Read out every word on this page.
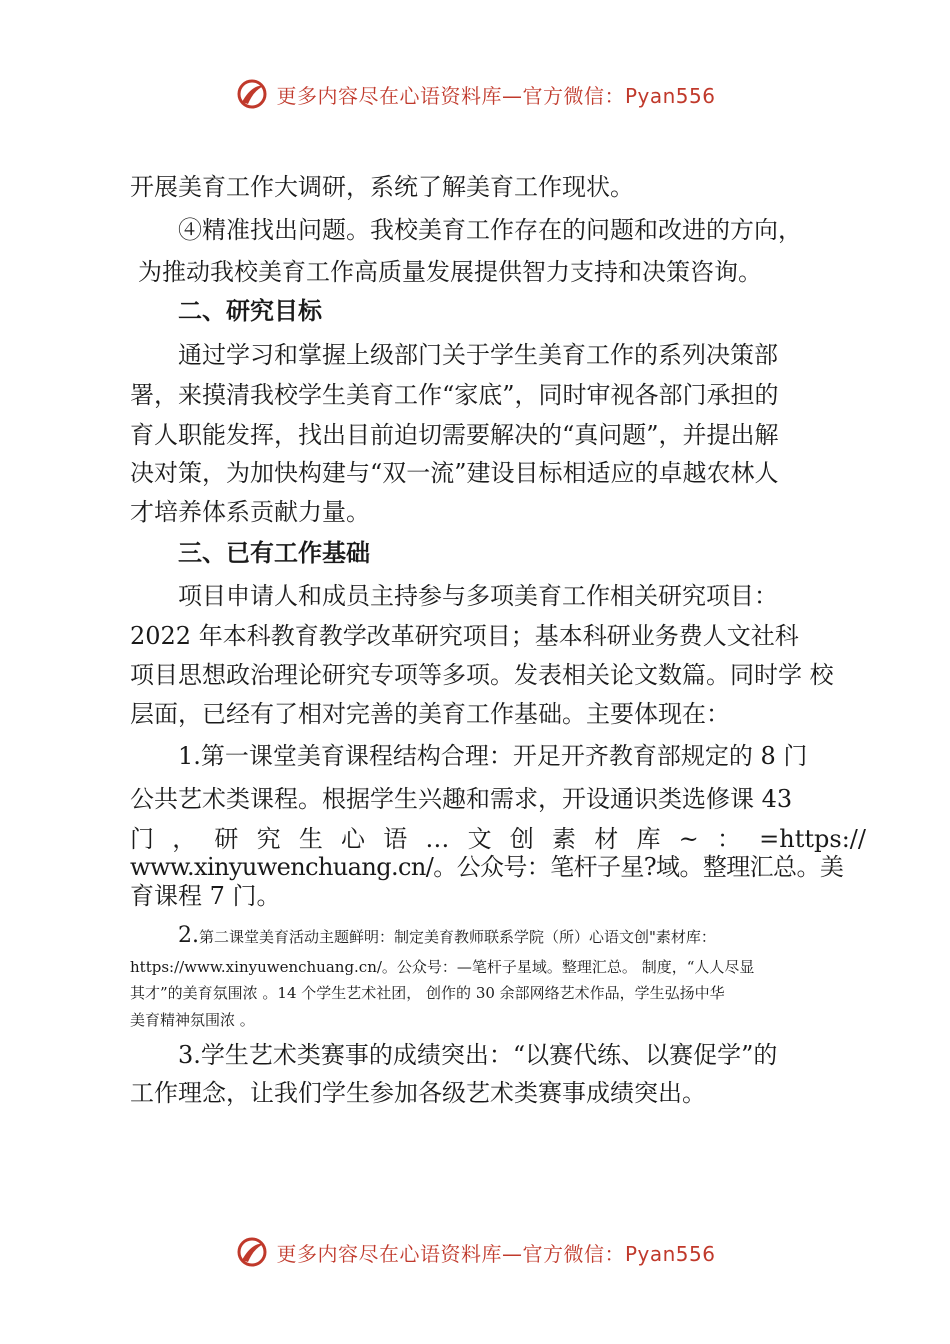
更多内容尽在心语资料库—官方微信：Pyan556
开展美育工作大调研，系统了解美育工作现状。
④精准找出问题。我校美育工作存在的问题和改进的方向，
为推动我校美育工作高质量发展提供智力支持和决策咨询。
二、研究目标
通过学习和掌握上级部门关于学生美育工作的系列决策部
署，来摸清我校学生美育工作“家底”，同时审视各部门承担的
育人职能发挥，找出目前迫切需要解决的“真问题”，并提出解
决对策，为加快构建与“双一流”建设目标相适应的卓越农林人
才培养体系贡献力量。
三、已有工作基础
项目申请人和成员主持参与多项美育工作相关研究项目：
2022 年本科教育教学改革研究项目；基本科研业务费人文社科
项目思想政治理论研究专项等多项。发表相关论文数篇。同时学 校
层面，已经有了相对完善的美育工作基础。主要体现在：
1.第一课堂美育课程结构合理：开足开齐教育部规定的 8 门
公共艺术类课程。根据学生兴趣和需求，开设通识类选修课 43
门 ， 研 究 生 心 语 … 文 创 素 材 库 ~ ： =https://
www.xinyuwenchuang.cn/。公众号：笔杆子星?域。整理汇总。美
育课程 7 门。
2.第二课堂美育活动主题鲜明：制定美育教师联系学院（所）心语文创"素材库：
https://www.xinyuwenchuang.cn/。公众号：—笔杆子星域。整理汇总。 制度，“人人尽显
其才”的美育氛围浓 。14 个学生艺术社团， 创作的 30 余部网络艺术作品，学生弘扬中华
美育精神氛围浓 。
3.学生艺术类赛事的成绩突出：“以赛代练、以赛促学”的
工作理念，让我们学生参加各级艺术类赛事成绩突出。
更多内容尽在心语资料库—官方微信：Pyan556
